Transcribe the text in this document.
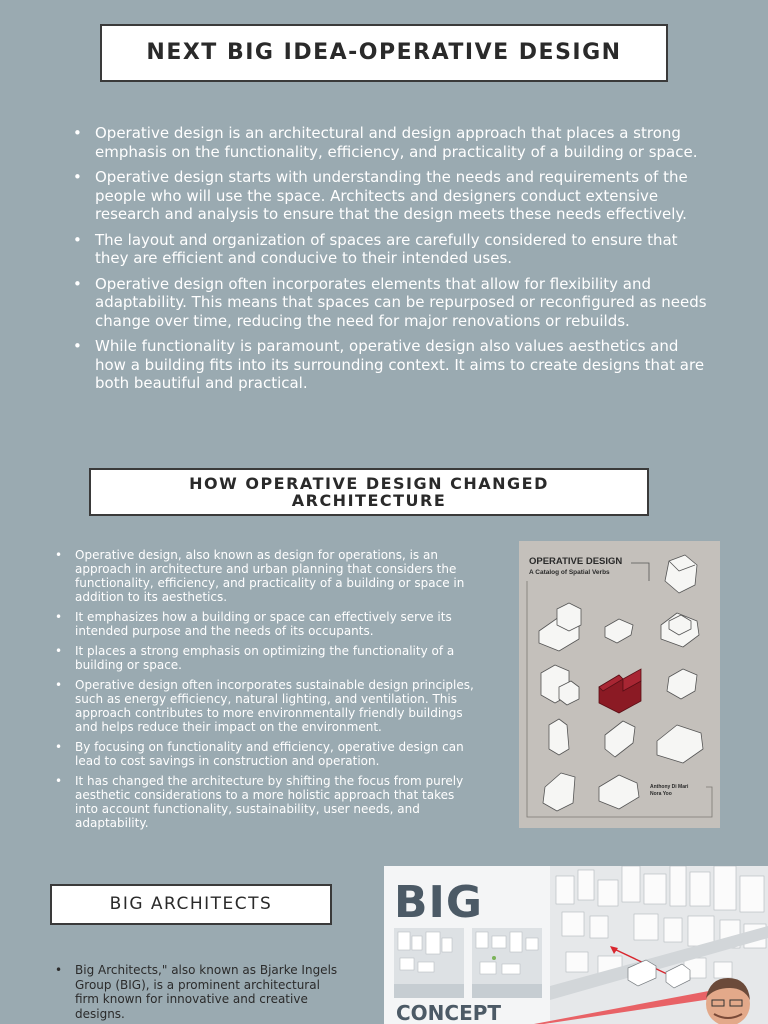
NEXT BIG IDEA-OPERATIVE DESIGN
• Operative design is an architectural and design approach that places a strong emphasis on the functionality, efficiency, and practicality of a building or space.
• Operative design starts with understanding the needs and requirements of the people who will use the space. Architects and designers conduct extensive research and analysis to ensure that the design meets these needs effectively.
• The layout and organization of spaces are carefully considered to ensure that they are efficient and conducive to their intended uses.
• Operative design often incorporates elements that allow for flexibility and adaptability. This means that spaces can be repurposed or reconfigured as needs change over time, reducing the need for major renovations or rebuilds.
• While functionality is paramount, operative design also values aesthetics and how a building fits into its surrounding context. It aims to create designs that are both beautiful and practical.
HOW OPERATIVE DESIGN CHANGED
ARCHITECTURE
• Operative design, also known as design for operations, is an approach in architecture and urban planning that considers the functionality, efficiency, and practicality of a building or space in addition to its aesthetics.
• It emphasizes how a building or space can effectively serve its intended purpose and the needs of its occupants.
• It places a strong emphasis on optimizing the functionality of a building or space.
• Operative design often incorporates sustainable design principles, such as energy efficiency, natural lighting, and ventilation. This approach contributes to more environmentally friendly buildings and helps reduce their impact on the environment.
• By focusing on functionality and efficiency, operative design can lead to cost savings in construction and operation.
• It has changed the architecture by shifting the focus from purely aesthetic considerations to a more holistic approach that takes into account functionality, sustainability, user needs, and adaptability.
OPERATIVE DESIGN
A Catalog of Spatial Verbs
Anthony Di Mari
Nora Yoo
BIG ARCHITECTS
• Big Architects," also known as Bjarke Ingels Group (BIG), is a prominent architectural firm known for innovative and creative designs.
BIG
CONCEPT
